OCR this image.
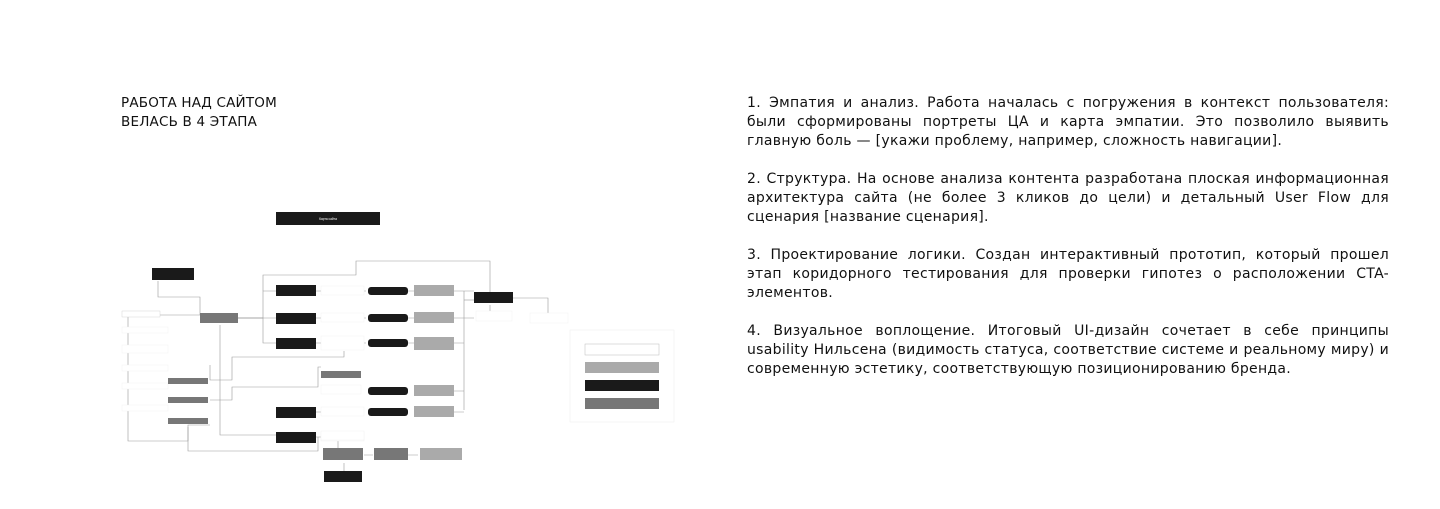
РАБОТА НАД САЙТОМ
ВЕЛАСЬ В 4 ЭТАПА
Карта сайта

1. Эмпатия и анализ. Работа началась с погружения в контекст пользователя: были сформированы портреты ЦА и карта эмпатии. Это позволило выявить главную боль — [укажи проблему, например, сложность навигации].

2. Структура. На основе анализа контента разработана плоская информационная архитектура сайта (не более 3 кликов до цели) и детальный User Flow для сценария [название сценария].

3. Проектирование логики. Создан интерактивный прототип, который прошел этап коридорного тестирования для проверки гипотез о расположении CTA-элементов.

4. Визуальное воплощение. Итоговый UI-дизайн сочетает в себе принципы usability Нильсена (видимость статуса, соответствие системе и реальному миру) и современную эстетику, соответствующую позиционированию бренда.
